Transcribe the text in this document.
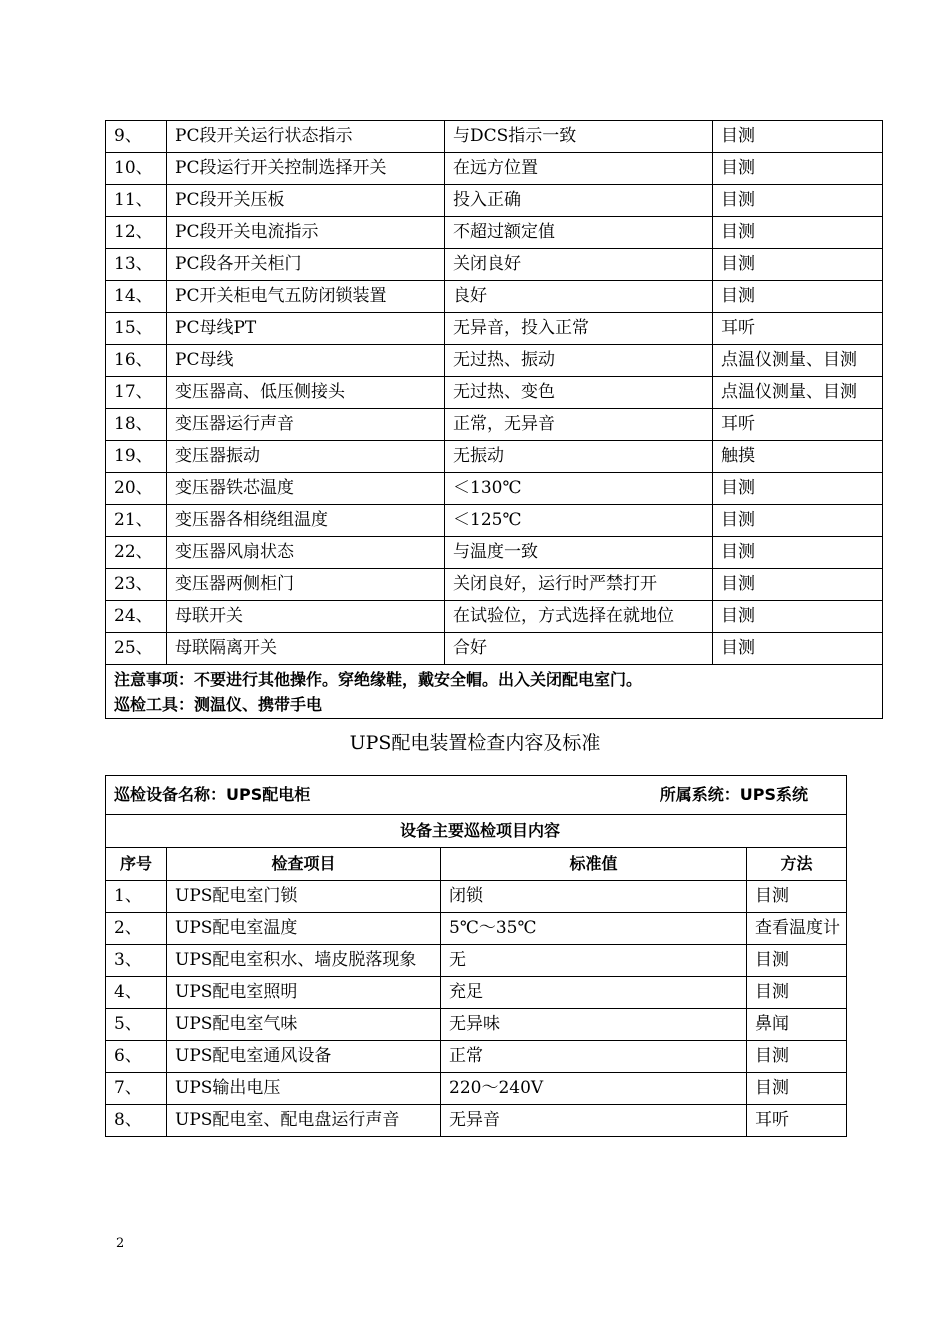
9、	PC段开关运行状态指示	与DCS指示一致	目测
10、	PC段运行开关控制选择开关	在远方位置	目测
11、	PC段开关压板	投入正确	目测
12、	PC段开关电流指示	不超过额定值	目测
13、	PC段各开关柜门	关闭良好	目测
14、	PC开关柜电气五防闭锁装置	良好	目测
15、	PC母线PT	无异音，投入正常	耳听
16、	PC母线	无过热、振动	点温仪测量、目测
17、	变压器高、低压侧接头	无过热、变色	点温仪测量、目测
18、	变压器运行声音	正常，无异音	耳听
19、	变压器振动	无振动	触摸
20、	变压器铁芯温度	＜130℃	目测
21、	变压器各相绕组温度	＜125℃	目测
22、	变压器风扇状态	与温度一致	目测
23、	变压器两侧柜门	关闭良好，运行时严禁打开	目测
24、	母联开关	在试验位，方式选择在就地位	目测
25、	母联隔离开关	合好	目测

注意事项：不要进行其他操作。穿绝缘鞋，戴安全帽。出入关闭配电室门。
巡检工具：测温仪、携带手电			
UPS配电装置检查内容及标准
巡检设备名称：UPS配电柜 所属系统：UPS系统			

设备主要巡检项目内容			
序号	检查项目	标准值	方法
1、	UPS配电室门锁	闭锁	目测
2、	UPS配电室温度	5℃～35℃	查看温度计
3、	UPS配电室积水、墙皮脱落现象	无	目测
4、	UPS配电室照明	充足	目测
5、	UPS配电室气味	无异味	鼻闻
6、	UPS配电室通风设备	正常	目测
7、	UPS输出电压	220～240V	目测
8、	UPS配电室、配电盘运行声音	无异音	耳听
2
